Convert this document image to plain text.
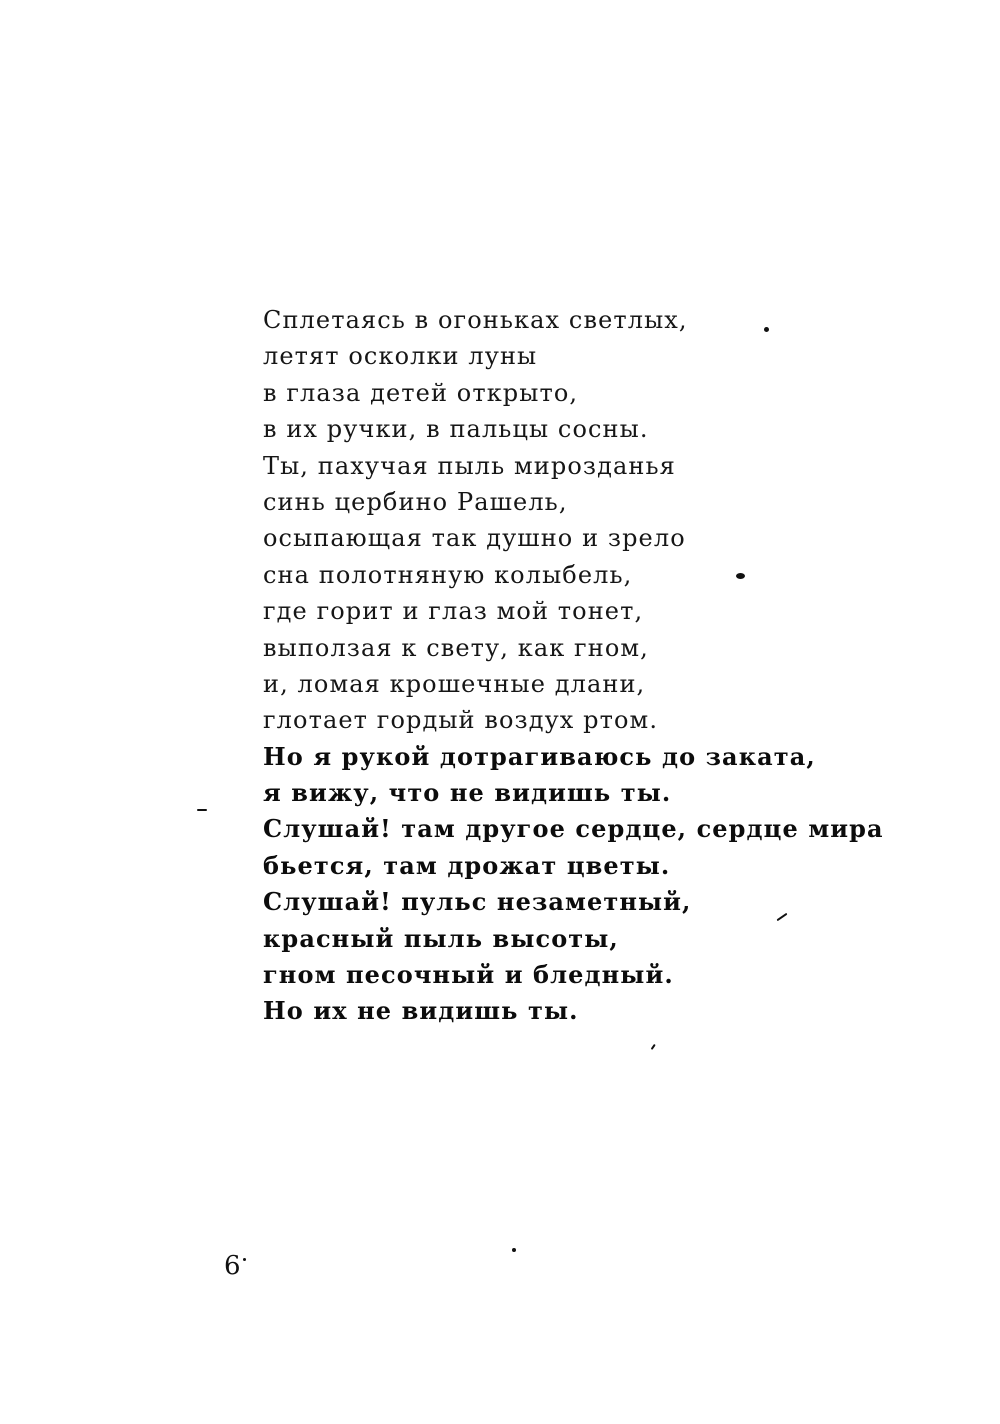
Сплетаясь в огоньках светлых,
летят осколки луны
в глаза детей открыто,
в их ручки, в пальцы сосны.
Ты, пахучая пыль мирозданья
синь цербино Рашель,
осыпающая так душно и зрело
сна полотняную колыбель,
где горит и глаз мой тонет,
выползая к свету, как гном,
и, ломая крошечные длани,
глотает гордый воздух ртом.
Но я рукой дотрагиваюсь до заката,
я вижу, что не видишь ты.
Слушай! там другое сердце, сердце мира
бьется, там дрожат цветы.
Слушай! пульс незаметный,
красный пыль высоты,
гном песочный и бледный.
Но их не видишь ты.
6
